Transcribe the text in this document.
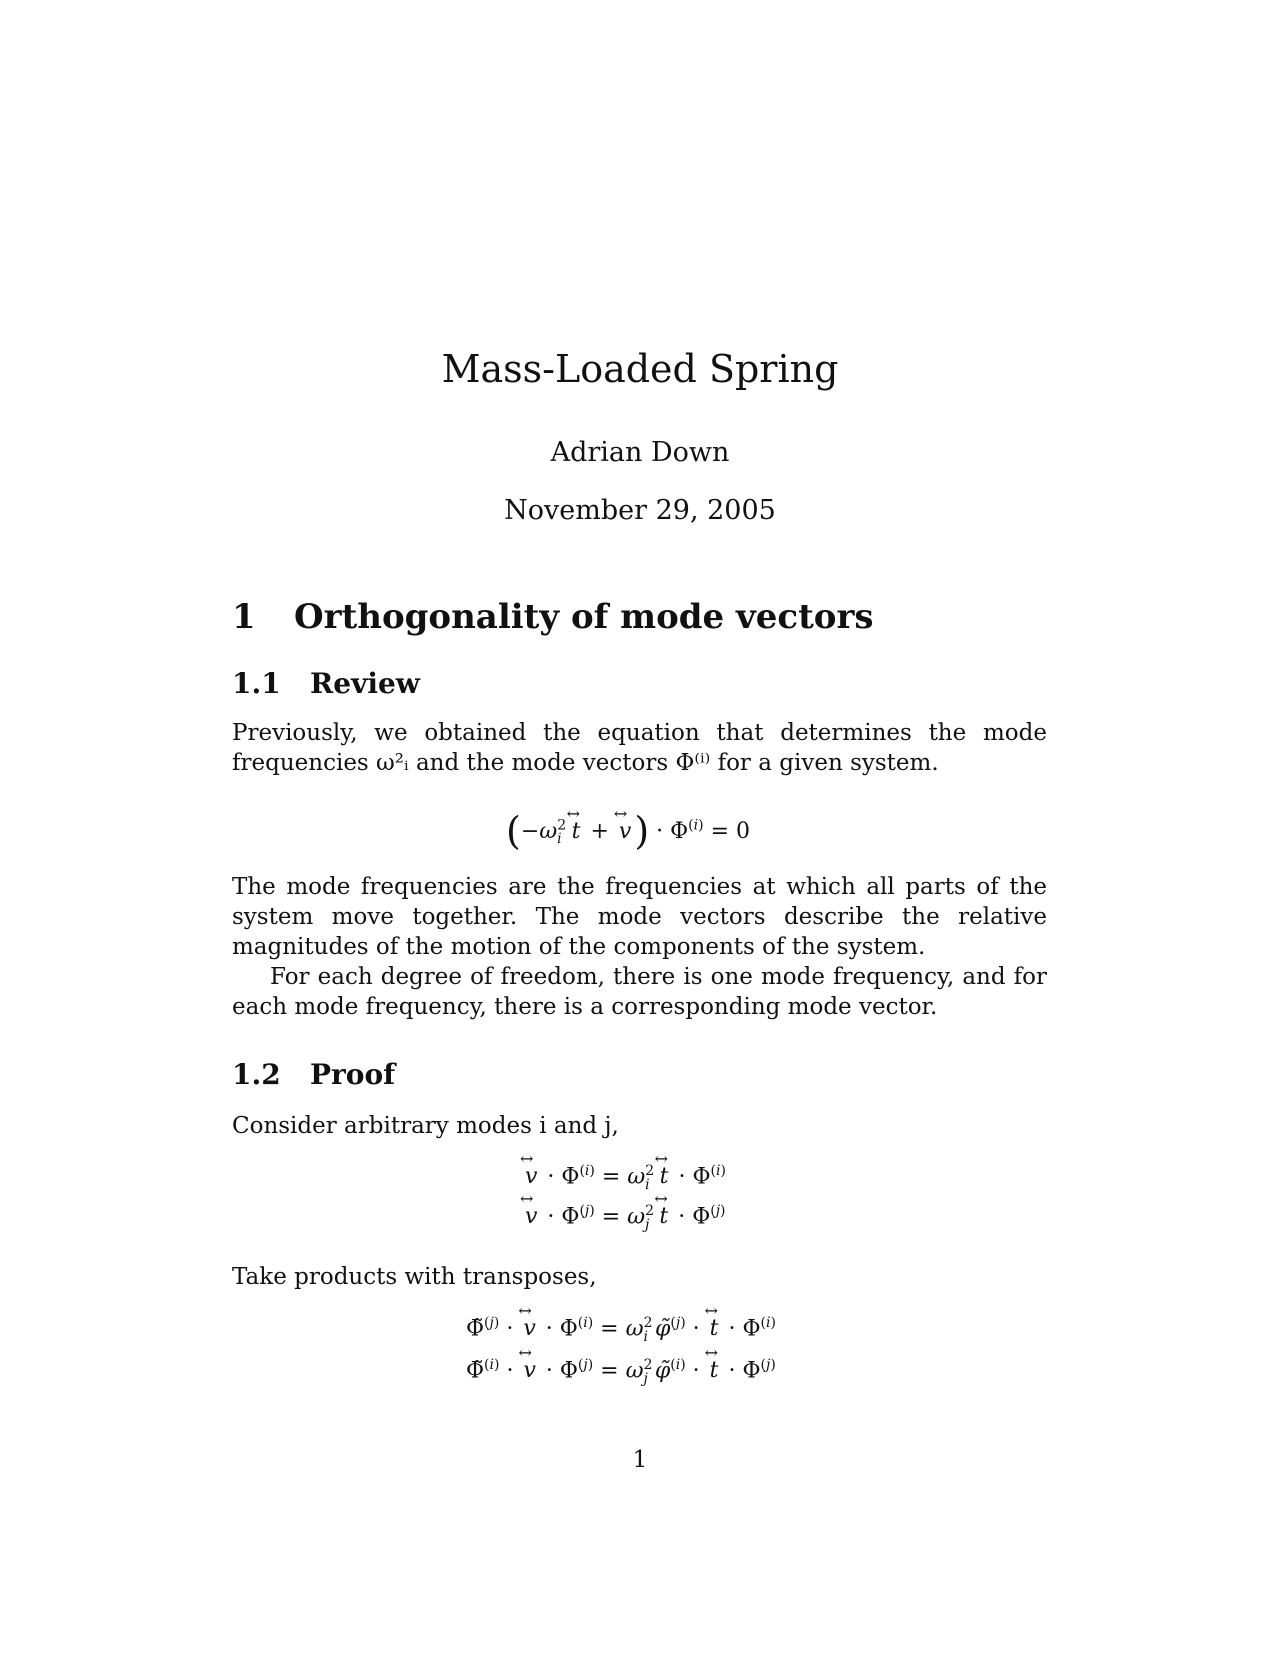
Mass-Loaded Spring
Adrian Down
November 29, 2005
1 Orthogonality of mode vectors
1.1 Review
Previously, we obtained the equation that determines the mode frequencies ω²ᵢ and the mode vectors Φ⁽ⁱ⁾ for a given system.
($-\omega^2_i$ ↔ t + ↔ $v) \cdot \Phi^{(i)} = 0$
The mode frequencies are the frequencies at which all parts of the system move together. The mode vectors describe the relative magnitudes of the motion of the components of the system.
For each degree of freedom, there is one mode frequency, and for each mode frequency, there is a corresponding mode vector.
1.2 Proof
Consider arbitrary modes i and j,
↔ $v \cdot \Phi^{(i)} = \omega^2_i$ ↔ $t \cdot \Phi^{(i)}$
↔ $v \cdot \Phi^{(j)} = \omega^2_j$ ↔ $t \cdot \Phi^{(j)}$
Take products with transposes,
Φ̃$^{(j)}$ · ↔ $v \cdot \Phi^{(i)} = \omega^2_i$ φ̃$^{(j)}$ · ↔ $t \cdot \Phi^{(i)}$
Φ̃$^{(i)}$ · ↔ $v \cdot \Phi^{(j)} = \omega^2_j$ φ̃$^{(i)}$ · ↔ $t \cdot \Phi^{(j)}$
1
